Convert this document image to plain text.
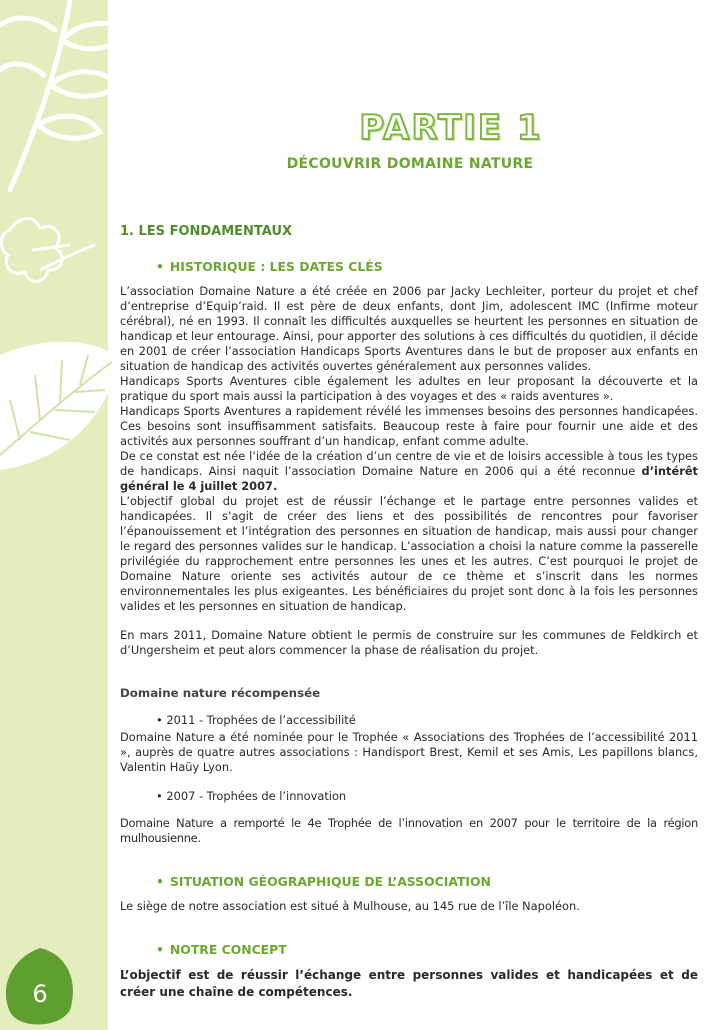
6
PARTIE 1
DÉCOUVRIR DOMAINE NATURE
1. LES FONDAMENTAUX
• HISTORIQUE : LES DATES CLÉS

L’association Domaine Nature a été créée en 2006 par Jacky Lechleiter, porteur du projet et chef d’entreprise d’Equip’raid. Il est père de deux enfants, dont Jim, adolescent IMC (Infirme moteur cérébral), né en 1993. Il connaît les difficultés auxquelles se heurtent les personnes en situation de handicap et leur entourage. Ainsi, pour apporter des solutions à ces difficultés du quotidien, il décide en 2001 de créer l’association Handicaps Sports Aventures dans le but de proposer aux enfants en situation de handicap des activités ouvertes généralement aux personnes valides.

Handicaps Sports Aventures cible également les adultes en leur proposant la découverte et la pratique du sport mais aussi la participation à des voyages et des « raids aventures ».

Handicaps Sports Aventures a rapidement révélé les immenses besoins des personnes handicapées. Ces besoins sont insuffisamment satisfaits. Beaucoup reste à faire pour fournir une aide et des activités aux personnes souffrant d’un handicap, enfant comme adulte.

De ce constat est née l’idée de la création d’un centre de vie et de loisirs accessible à tous les types de handicaps. Ainsi naquit l’association Domaine Nature en 2006 qui a été reconnue d’intérêt général le 4 juillet 2007.

L’objectif global du projet est de réussir l’échange et le partage entre personnes valides et handicapées. Il s’agit de créer des liens et des possibilités de rencontres pour favoriser l’épanouissement et l’intégration des personnes en situation de handicap, mais aussi pour changer le regard des personnes valides sur le handicap. L’association a choisi la nature comme la passerelle privilégiée du rapprochement entre personnes les unes et les autres. C’est pourquoi le projet de Domaine Nature oriente ses activités autour de ce thème et s’inscrit dans les normes environnementales les plus exigeantes. Les bénéficiaires du projet sont donc à la fois les personnes valides et les personnes en situation de handicap.

En mars 2011, Domaine Nature obtient le permis de construire sur les communes de Feldkirch et d’Ungersheim et peut alors commencer la phase de réalisation du projet.

Domaine nature récompensée
• 2011 - Trophées de l’accessibilité

Domaine Nature a été nominée pour le Trophée « Associations des Trophées de l’accessibilité 2011 », auprès de quatre autres associations : Handisport Brest, Kemil et ses Amis, Les papillons blancs, Valentin Haüy Lyon.

• 2007 - Trophées de l’innovation

Domaine Nature a remporté le 4e Trophée de l’innovation en 2007 pour le territoire de la région mulhousienne.

• SITUATION GÉOGRAPHIQUE DE L’ASSOCIATION

Le siège de notre association est situé à Mulhouse, au 145 rue de l’île Napoléon.

• NOTRE CONCEPT

L’objectif est de réussir l’échange entre personnes valides et handicapées et de créer une chaîne de compétences.
